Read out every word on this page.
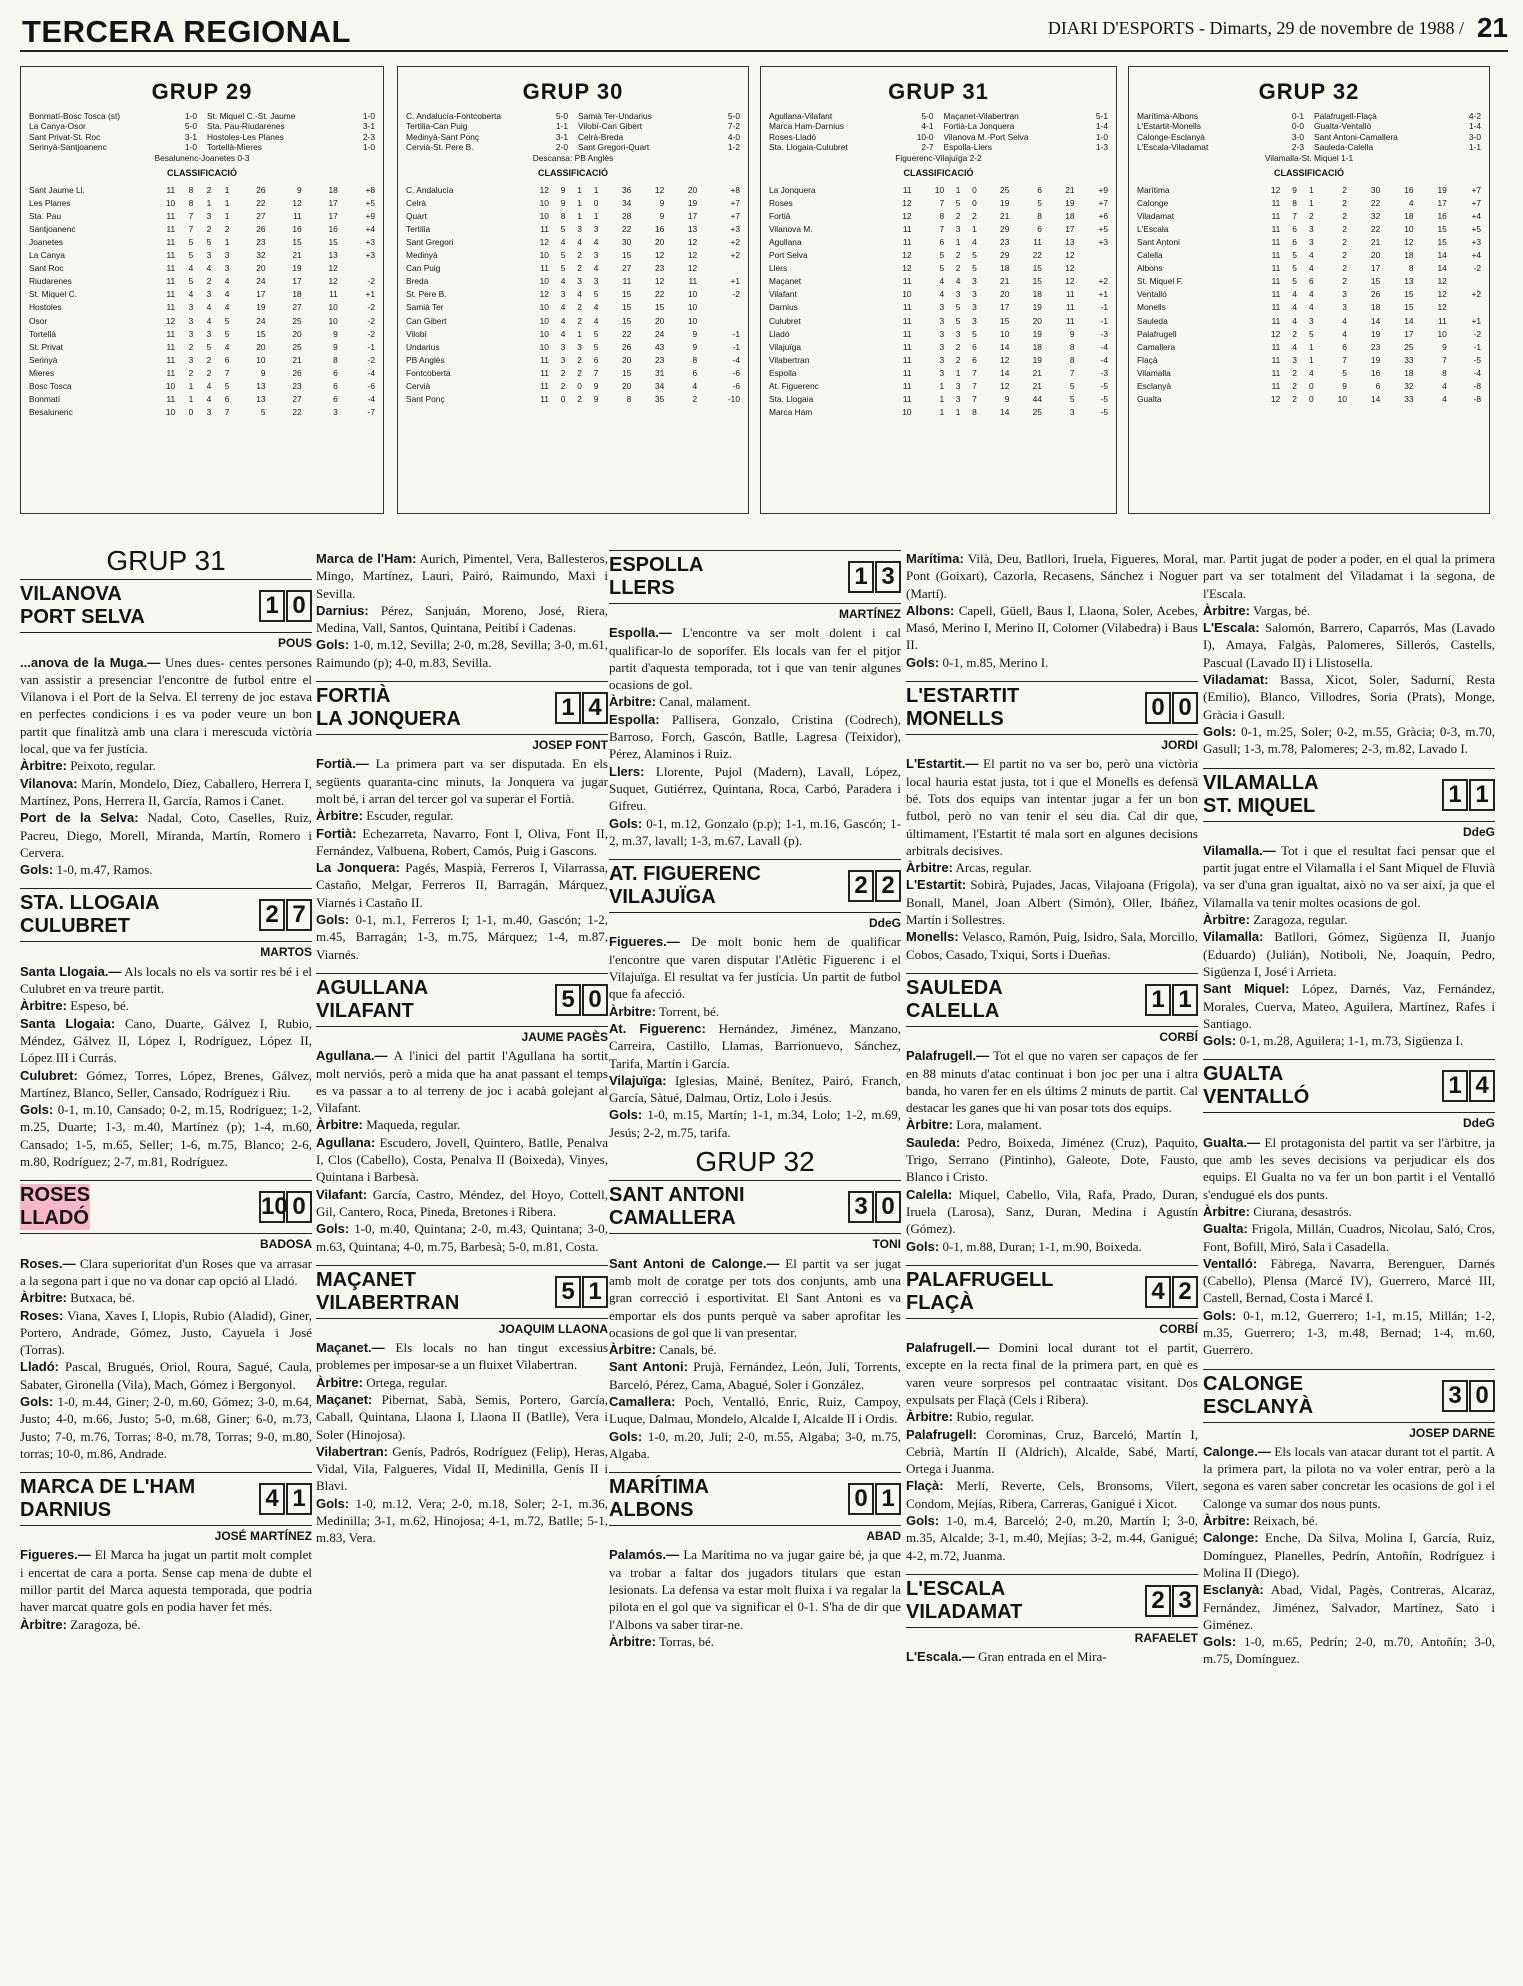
TERCERA REGIONAL	DIARI D'ESPORTS - Dimarts, 29 de novembre de 1988 / 21
GRUP 29
Bonmatí-Bosc Tosca (st)	1-0 St. Miquel C.-St. Jaume	1-0
La Canya-Osor	5-0 Sta. Pau-Riudarenes	3-1
Sant Privat-St. Roc	3-1 Hostoles-Les Planes	2-3
Serinyà-Santjoanenc	1-0 Tortellà-Mieres	1-0
Besalunenc-Joanetes 0-3
CLASSIFICACIÓ
Sant Jaume Ll.	11	8	2	1	26	9	18	+8
Les Planes	10	8	1	1	22	12	17	+5
Sta. Pau	11	7	3	1	27	11	17	+9
Santjoanenc	11	7	2	2	26	16	16	+4
Joanetes	11	5	5	1	23	15	15	+3
La Canya	11	5	3	3	32	21	13	+3
Sant Roc	11	4	4	3	20	19	12	
Riudarenes	11	5	2	4	24	17	12	-2
St. Miquel C.	11	4	3	4	17	18	11	+1
Hostoles	11	3	4	4	19	27	10	-2
Osor	12	3	4	5	24	25	10	-2
Tortellà	11	3	3	5	15	20	9	-2
St. Privat	11	2	5	4	20	25	9	-1
Serinyà	11	3	2	6	10	21	8	-2
Mieres	11	2	2	7	9	26	6	-4
Bosc Tosca	10	1	4	5	13	23	6	-6
Bonmatí	11	1	4	6	13	27	6	-4
Besalunenc	10	0	3	7	5	22	3	-7
GRUP 30
C. Andalucía-Fontcoberta	5-0 Samià Ter-Undarius	5-0
Tertilia-Can Puig	1-1 Vilobí-Can Gibert	7-2
Medinyà-Sant Ponç	3-1 Celrà-Breda	4-0
Cervià-St. Pere B.	2-0 Sant Gregori-Quart	1-2
Descansa: PB Anglès
CLASSIFICACIÓ
C. Andalucía	12	9	1	1	36	12	20	+8
Celrà	10	9	1	0	34	9	19	+7
Quart	10	8	1	1	28	9	17	+7
Tertilia	11	5	3	3	22	16	13	+3
Sant Gregori	12	4	4	4	30	20	12	+2
Medinyà	10	5	2	3	15	12	12	+2
Can Puig	11	5	2	4	27	23	12	
Breda	10	4	3	3	11	12	11	+1
St. Pere B.	12	3	4	5	15	22	10	-2
Samià Ter	10	4	2	4	15	15	10	
Can Gibert	10	4	2	4	15	20	10	
Vilobí	10	4	1	5	22	24	9	-1
Undarius	10	3	3	5	26	43	9	-1
PB Anglès	11	3	2	6	20	23	8	-4
Fontcoberta	11	2	2	7	15	31	6	-6
Cervià	11	2	0	9	20	34	4	-6
Sant Ponç	11	0	2	9	8	35	2	-10
GRUP 31
Agullana-Vilafant	5-0 Maçanet-Vilabertran	5-1
Marca Ham-Darnius	4-1 Fortià-La Jonquera	1-4
Roses-Lladó	10-0 Vilanova M.-Port Selva	1-0
Sta. Llogaia-Culubret	2-7 Espolla-Llers	1-3
Figuerenc-Vilajuïga 2-2
CLASSIFICACIÓ
La Jonquera	11	10	1	0	25	6	21	+9
Roses	12	7	5	0	19	5	19	+7
Fortià	12	8	2	2	21	8	18	+6
Vilanova M.	11	7	3	1	29	6	17	+5
Agullana	11	6	1	4	23	11	13	+3
Port Selva	12	5	2	5	29	22	12	
Llers	12	5	2	5	18	15	12	
Maçanet	11	4	4	3	21	15	12	+2
Vilafant	10	4	3	3	20	18	11	+1
Darnius	11	3	5	3	17	19	11	-1
Culubret	11	3	5	3	15	20	11	-1
Lladó	11	3	3	5	10	19	9	-3
Vilajuïga	11	3	2	6	14	18	8	-4
Vilabertran	11	3	2	6	12	19	8	-4
Espolla	11	3	1	7	14	21	7	-3
At. Figuerenc	11	1	3	7	12	21	5	-5
Sta. Llogaia	11	1	3	7	9	44	5	-5
Marca Ham	10	1	1	8	14	25	3	-5
GRUP 32
Marítima-Albons	0-1 Palafrugell-Flaçà	4-2
L'Estartit-Monells	0-0 Gualta-Ventalló	1-4
Calonge-Esclanyà	3-0 Sant Antoni-Camallera	3-0
L'Escala-Viladamat	2-3 Sauleda-Calella	1-1
Vilamalla-St. Miquel 1-1
CLASSIFICACIÓ
Marítima	12	9	1	2	30	16	19	+7
Calonge	11	8	1	2	22	4	17	+7
Viladamat	11	7	2	2	32	18	16	+4
L'Escala	11	6	3	2	22	10	15	+5
Sant Antoni	11	6	3	2	21	12	15	+3
Calella	11	5	4	2	20	18	14	+4
Albons	11	5	4	2	17	8	14	-2
St. Miquel F.	11	5	6	2	15	13	12	
Ventalló	11	4	4	3	26	15	12	+2
Monells	11	4	4	3	18	15	12	
Sauleda	11	4	3	4	14	14	11	+1
Palafrugell	12	2	5	4	19	17	10	-2
Camallera	11	4	1	6	23	25	9	-1
Flaçà	11	3	1	7	19	33	7	-5
Vilamalla	11	2	4	5	16	18	8	-4
Esclanyà	11	2	0	9	6	32	4	-8
Gualta	12	2	0	10	14	33	4	-8
GRUP 31
VILANOVA
PORT SELVA	1 0
POUS

...anova de la Muga.— Unes dues- centes persones van assistir a presenciar l'encontre de futbol entre el Vilanova i el Port de la Selva. El terreny de joc estava en perfectes condicions i es va poder veure un bon partit que finalitzà amb una clara i merescuda victòria local, que va fer justícia.

Àrbitre: Peixoto, regular.

Vilanova: Marín, Mondelo, Díez, Caballero, Herrera I, Martínez, Pons, Herrera II, García, Ramos i Canet.

Port de la Selva: Nadal, Coto, Caselles, Ruiz, Pacreu, Diego, Morell, Miranda, Martín, Romero i Cervera.

Gols: 1-0, m.47, Ramos.

STA. LLOGAIA
CULUBRET	2 7
MARTOS

Santa Llogaia.— Als locals no els va sortir res bé i el Culubret en va treure partit.

Àrbitre: Espeso, bé.

Santa Llogaia: Cano, Duarte, Gálvez I, Rubio, Méndez, Gálvez II, López I, Rodríguez, López II, López III i Currás.

Culubret: Gómez, Torres, López, Brenes, Gálvez, Martínez, Blanco, Seller, Cansado, Rodríguez i Riu.

Gols: 0-1, m.10, Cansado; 0-2, m.15, Rodríguez; 1-2, m.25, Duarte; 1-3, m.40, Martínez (p); 1-4, m.60, Cansado; 1-5, m.65, Seller; 1-6, m.75, Blanco; 2-6, m.80, Rodríguez; 2-7, m.81, Rodríguez.

ROSES
LLADÓ	10 0
BADOSA

Roses.— Clara superioritat d'un Roses que va arrasar a la segona part i que no va donar cap opció al Lladó.

Àrbitre: Butxaca, bé.

Roses: Viana, Xaves I, Llopis, Rubio (Aladid), Giner, Portero, Andrade, Gómez, Justo, Cayuela i José (Torras).

Lladó: Pascal, Brugués, Oriol, Roura, Sagué, Caula, Sabater, Gironella (Vila), Mach, Gómez i Bergonyol.

Gols: 1-0, m.44, Giner; 2-0, m.60, Gómez; 3-0, m.64, Justo; 4-0, m.66, Justo; 5-0, m.68, Giner; 6-0, m.73, Justo; 7-0, m.76, Torras; 8-0, m.78, Torras; 9-0, m.80, torras; 10-0, m.86, Andrade.

MARCA DE L'HAM
DARNIUS	4 1
JOSÉ MARTÍNEZ

Figueres.— El Marca ha jugat un partit molt complet i encertat de cara a porta. Sense cap mena de dubte el millor partit del Marca aquesta temporada, que podria haver marcat quatre gols en podia haver fet més.

Àrbitre: Zaragoza, bé.

Marca de l'Ham: Aurich, Pimentel, Vera, Ballesteros, Mingo, Martínez, Lauri, Pairó, Raimundo, Maxi i Sevilla.

Darnius: Pérez, Sanjuán, Moreno, José, Riera, Medina, Vall, Santos, Quintana, Peitibí i Cadenas.

Gols: 1-0, m.12, Sevilla; 2-0, m.28, Sevilla; 3-0, m.61, Raimundo (p); 4-0, m.83, Sevilla.

FORTIÀ
LA JONQUERA	1 4
JOSEP FONT

Fortià.— La primera part va ser disputada. En els següents quaranta-cinc minuts, la Jonquera va jugar molt bé, i arran del tercer gol va superar el Fortià.

Àrbitre: Escuder, regular.

Fortià: Echezarreta, Navarro, Font I, Oliva, Font II, Fernández, Valbuena, Robert, Camós, Puig i Gascons.

La Jonquera: Pagés, Maspià, Ferreros I, Vilarrassa, Castaño, Melgar, Ferreros II, Barragán, Márquez, Viarnés i Castaño II.

Gols: 0-1, m.1, Ferreros I; 1-1, m.40, Gascón; 1-2, m.45, Barragán; 1-3, m.75, Márquez; 1-4, m.87, Viarnés.

AGULLANA
VILAFANT	5 0
JAUME PAGÈS

Agullana.— A l'inici del partit l'Agullana ha sortit molt nerviós, però a mida que ha anat passant el temps es va passar a to al terreny de joc i acabà golejant al Vilafant.

Àrbitre: Maqueda, regular.

Agullana: Escudero, Jovell, Quintero, Batlle, Penalva I, Clos (Cabello), Costa, Penalva II (Boixeda), Vinyes, Quintana i Barbesà.

Vilafant: García, Castro, Méndez, del Hoyo, Cottell, Gil, Cantero, Roca, Pineda, Bretones i Ribera.

Gols: 1-0, m.40, Quintana; 2-0, m.43, Quintana; 3-0, m.63, Quintana; 4-0, m.75, Barbesà; 5-0, m.81, Costa.

MAÇANET
VILABERTRAN	5 1
JOAQUIM LLAONA

Maçanet.— Els locals no han tingut excessius problemes per imposar-se a un fluixet Vilabertran.

Àrbitre: Ortega, regular.

Maçanet: Pibernat, Sabà, Semis, Portero, García, Caball, Quintana, Llaona I, Llaona II (Batlle), Vera i Soler (Hinojosa).

Vilabertran: Genís, Padrós, Rodríguez (Felip), Heras, Vidal, Vila, Falgueres, Vidal II, Medinilla, Genís II i Blavi.

Gols: 1-0, m.12, Vera; 2-0, m.18, Soler; 2-1, m.36, Medinilla; 3-1, m.62, Hinojosa; 4-1, m.72, Batlle; 5-1, m.83, Vera.

ESPOLLA
LLERS	1 3
MARTÍNEZ

Espolla.— L'encontre va ser molt dolent i cal qualificar-lo de soporífer. Els locals van fer el pitjor partit d'aquesta temporada, tot i que van tenir algunes ocasions de gol.

Àrbitre: Canal, malament.

Espolla: Pallisera, Gonzalo, Cristina (Codrech), Barroso, Forch, Gascón, Batlle, Lagresa (Teixidor), Pérez, Alaminos i Ruiz.

Llers: Llorente, Pujol (Madern), Lavall, López, Suquet, Gutiérrez, Quintana, Roca, Carbó, Paradera i Gifreu.

Gols: 0-1, m.12, Gonzalo (p.p); 1-1, m.16, Gascón; 1-2, m.37, lavall; 1-3, m.67, Lavall (p).

AT. FIGUERENC
VILAJUÏGA	2 2
DdeG

Figueres.— De molt bonic hem de qualificar l'encontre que varen disputar l'Atlètic Figuerenc i el Vilajuïga. El resultat va fer justícia. Un partit de futbol que fa afecció.

Àrbitre: Torrent, bé.

At. Figuerenc: Hernández, Jiménez, Manzano, Carreira, Castillo, Llamas, Barrionuevo, Sánchez, Tarifa, Martín i García.

Vilajuïga: Iglesias, Mainé, Benítez, Pairó, Franch, García, Sàtué, Dalmau, Ortiz, Lolo i Jesús.

Gols: 1-0, m.15, Martín; 1-1, m.34, Lolo; 1-2, m.69, Jesús; 2-2, m.75, tarifa.

GRUP 32
SANT ANTONI
CAMALLERA	3 0
TONI

Sant Antoni de Calonge.— El partit va ser jugat amb molt de coratge per tots dos conjunts, amb una gran correcció i esportivitat. El Sant Antoni es va emportar els dos punts perquè va saber aprofitar les ocasions de gol que li van presentar.

Àrbitre: Canals, bé.

Sant Antoni: Prujà, Fernández, León, Juli, Torrents, Barceló, Pérez, Cama, Abagué, Soler i González.

Camallera: Poch, Ventalló, Enric, Ruiz, Campoy, Luque, Dalmau, Mondelo, Alcalde I, Alcalde II i Ordis.

Gols: 1-0, m.20, Juli; 2-0, m.55, Algaba; 3-0, m.75, Algaba.

MARÍTIMA
ALBONS	0 1
ABAD

Palamós.— La Marítima no va jugar gaire bé, ja que va trobar a faltar dos jugadors titulars que estan lesionats. La defensa va estar molt fluixa i va regalar la pilota en el gol que va significar el 0-1. S'ha de dir que l'Albons va saber tirar-ne.

Àrbitre: Torras, bé.

Marítima: Vilà, Deu, Batllori, Iruela, Figueres, Moral, Pont (Goixart), Cazorla, Recasens, Sánchez i Noguer (Martí).

Albons: Capell, Güell, Baus I, Llaona, Soler, Acebes, Masó, Merino I, Merino II, Colomer (Vilabedra) i Baus II.

Gols: 0-1, m.85, Merino I.

L'ESTARTIT
MONELLS	0 0
JORDI

L'Estartit.— El partit no va ser bo, però una victòria local hauria estat justa, tot i que el Monells es defensà bé. Tots dos equips van intentar jugar a fer un bon futbol, però no van tenir el seu dia. Cal dir que, últimament, l'Estartit té mala sort en algunes decisions arbitrals decisives.

Àrbitre: Arcas, regular.

L'Estartit: Sobirà, Pujades, Jacas, Vilajoana (Frigola), Bonall, Manel, Joan Albert (Simón), Oller, Ibáñez, Martín i Sollestres.

Monells: Velasco, Ramón, Puig, Isidro, Sala, Morcillo, Cobos, Casado, Txiqui, Sorts i Dueñas.

SAULEDA
CALELLA	1 1
CORBÍ

Palafrugell.— Tot el que no varen ser capaços de fer en 88 minuts d'atac continuat i bon joc per una i altra banda, ho varen fer en els últims 2 minuts de partit. Cal destacar les ganes que hi van posar tots dos equips.

Àrbitre: Lora, malament.

Sauleda: Pedro, Boixeda, Jiménez (Cruz), Paquito, Trigo, Serrano (Pintinho), Galeote, Dote, Fausto, Blanco i Cristo.

Calella: Miquel, Cabello, Vila, Rafa, Prado, Duran, Iruela (Larosa), Sanz, Duran, Medina i Agustín (Gómez).

Gols: 0-1, m.88, Duran; 1-1, m.90, Boixeda.

PALAFRUGELL
FLAÇÀ	4 2
CORBÍ

Palafrugell.— Domini local durant tot el partit, excepte en la recta final de la primera part, en què es varen veure sorpresos pel contraatac visitant. Dos expulsats per Flaçà (Cels i Ribera).

Àrbitre: Rubio, regular.

Palafrugell: Corominas, Cruz, Barceló, Martín I, Cebrià, Martín II (Aldrich), Alcalde, Sabé, Martí, Ortega i Juanma.

Flaçà: Merlí, Reverte, Cels, Bronsoms, Vilert, Condom, Mejías, Ribera, Carreras, Ganigué i Xicot.

Gols: 1-0, m.4, Barceló; 2-0, m.20, Martín I; 3-0, m.35, Alcalde; 3-1, m.40, Mejías; 3-2, m.44, Ganigué; 4-2, m.72, Juanma.

L'ESCALA
VILADAMAT	2 3
RAFAELET

L'Escala.— Gran entrada en el Mira-

mar. Partit jugat de poder a poder, en el qual la primera part va ser totalment del Viladamat i la segona, de l'Escala.

Àrbitre: Vargas, bé.

L'Escala: Salomón, Barrero, Caparrós, Mas (Lavado I), Amaya, Falgàs, Palomeres, Sillerós, Castells, Pascual (Lavado II) i Llistosella.

Viladamat: Bassa, Xicot, Soler, Sadurní, Resta (Emilio), Blanco, Villodres, Soria (Prats), Monge, Gràcia i Gasull.

Gols: 0-1, m.25, Soler; 0-2, m.55, Gràcia; 0-3, m.70, Gasull; 1-3, m.78, Palomeres; 2-3, m.82, Lavado I.

VILAMALLA
ST. MIQUEL	1 1
DdeG

Vilamalla.— Tot i que el resultat faci pensar que el partit jugat entre el Vilamalla i el Sant Miquel de Fluvià va ser d'una gran igualtat, això no va ser així, ja que el Vilamalla va tenir moltes ocasions de gol.

Àrbitre: Zaragoza, regular.

Vilamalla: Batllori, Gómez, Sigüenza II, Juanjo (Eduardo) (Julián), Notiboli, Ne, Joaquín, Pedro, Sigüenza I, José i Arrieta.

Sant Miquel: López, Darnés, Vaz, Fernández, Morales, Cuerva, Mateo, Aguilera, Martínez, Rafes i Santiago.

Gols: 0-1, m.28, Aguilera; 1-1, m.73, Sigüenza I.

GUALTA
VENTALLÓ	1 4
DdeG

Gualta.— El protagonista del partit va ser l'àrbitre, ja que amb les seves decisions va perjudicar els dos equips. El Gualta no va fer un bon partit i el Ventalló s'endugué els dos punts.

Àrbitre: Ciurana, desastrós.

Gualta: Frigola, Millán, Cuadros, Nicolau, Saló, Cros, Font, Bofill, Miró, Sala i Casadella.

Ventalló: Fàbrega, Navarra, Berenguer, Darnés (Cabello), Plensa (Marcé IV), Guerrero, Marcé III, Castell, Bernad, Costa i Marcé I.

Gols: 0-1, m.12, Guerrero; 1-1, m.15, Millán; 1-2, m.35, Guerrero; 1-3, m.48, Bernad; 1-4, m.60, Guerrero.

CALONGE
ESCLANYÀ	3 0
JOSEP DARNE

Calonge.— Els locals van atacar durant tot el partit. A la primera part, la pilota no va voler entrar, però a la segona es varen saber concretar les ocasions de gol i el Calonge va sumar dos nous punts.

Àrbitre: Reixach, bé.

Calonge: Enche, Da Silva, Molina I, García, Ruiz, Domínguez, Planelles, Pedrín, Antoñín, Rodríguez i Molina II (Diego).

Esclanyà: Abad, Vidal, Pagès, Contreras, Alcaraz, Fernández, Jiménez, Salvador, Martínez, Sato i Giménez.

Gols: 1-0, m.65, Pedrín; 2-0, m.70, Antoñín; 3-0, m.75, Domínguez.
